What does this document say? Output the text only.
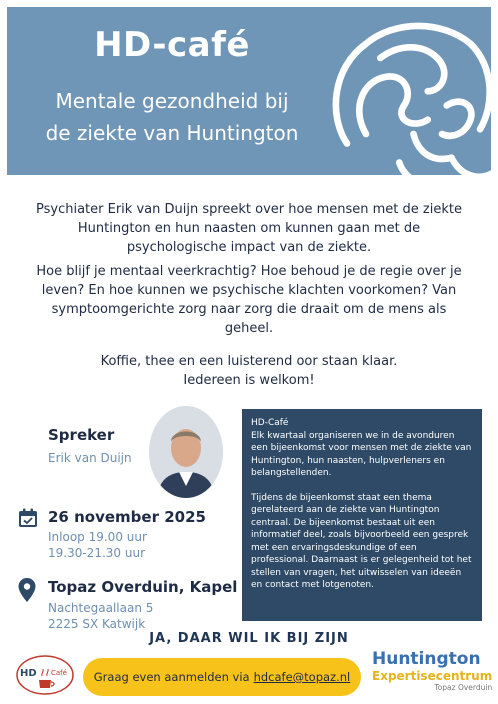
HD-café
Mentale gezondheid bij
de ziekte van Huntington
Psychiater Erik van Duijn spreekt over hoe mensen met de ziekte Huntington en hun naasten om kunnen gaan met de psychologische impact van de ziekte.
Hoe blijf je mentaal veerkrachtig? Hoe behoud je de regie over je leven? En hoe kunnen we psychische klachten voorkomen? Van symptoomgerichte zorg naar zorg die draait om de mens als geheel.
Koffie, thee en een luisterend oor staan klaar.
Iedereen is welkom!
Spreker
Erik van Duijn
26 november 2025
Inloop 19.00 uur
19.30-21.30 uur
Topaz Overduin, Kapel
Nachtegaallaan 5
2225 SX Katwijk

HD-Café

Elk kwartaal organiseren we in de avonduren een bijeenkomst voor mensen met de ziekte van Huntington, hun naasten, hulpverleners en belangstellenden.

Tijdens de bijeenkomst staat een thema gerelateerd aan de ziekte van Huntington centraal. De bijeenkomst bestaat uit een informatief deel, zoals bijvoorbeeld een gesprek met een ervaringsdeskundige of een professional. Daarnaast is er gelegenheid tot het stellen van vragen, het uitwisselen van ideeën en contact met lotgenoten.

JA, DAAR WIL IK BIJ ZIJN
Graag even aanmelden via hdcafe@topaz.nl
HD Café
Huntington
Expertisecentrum
Topaz Overduin
